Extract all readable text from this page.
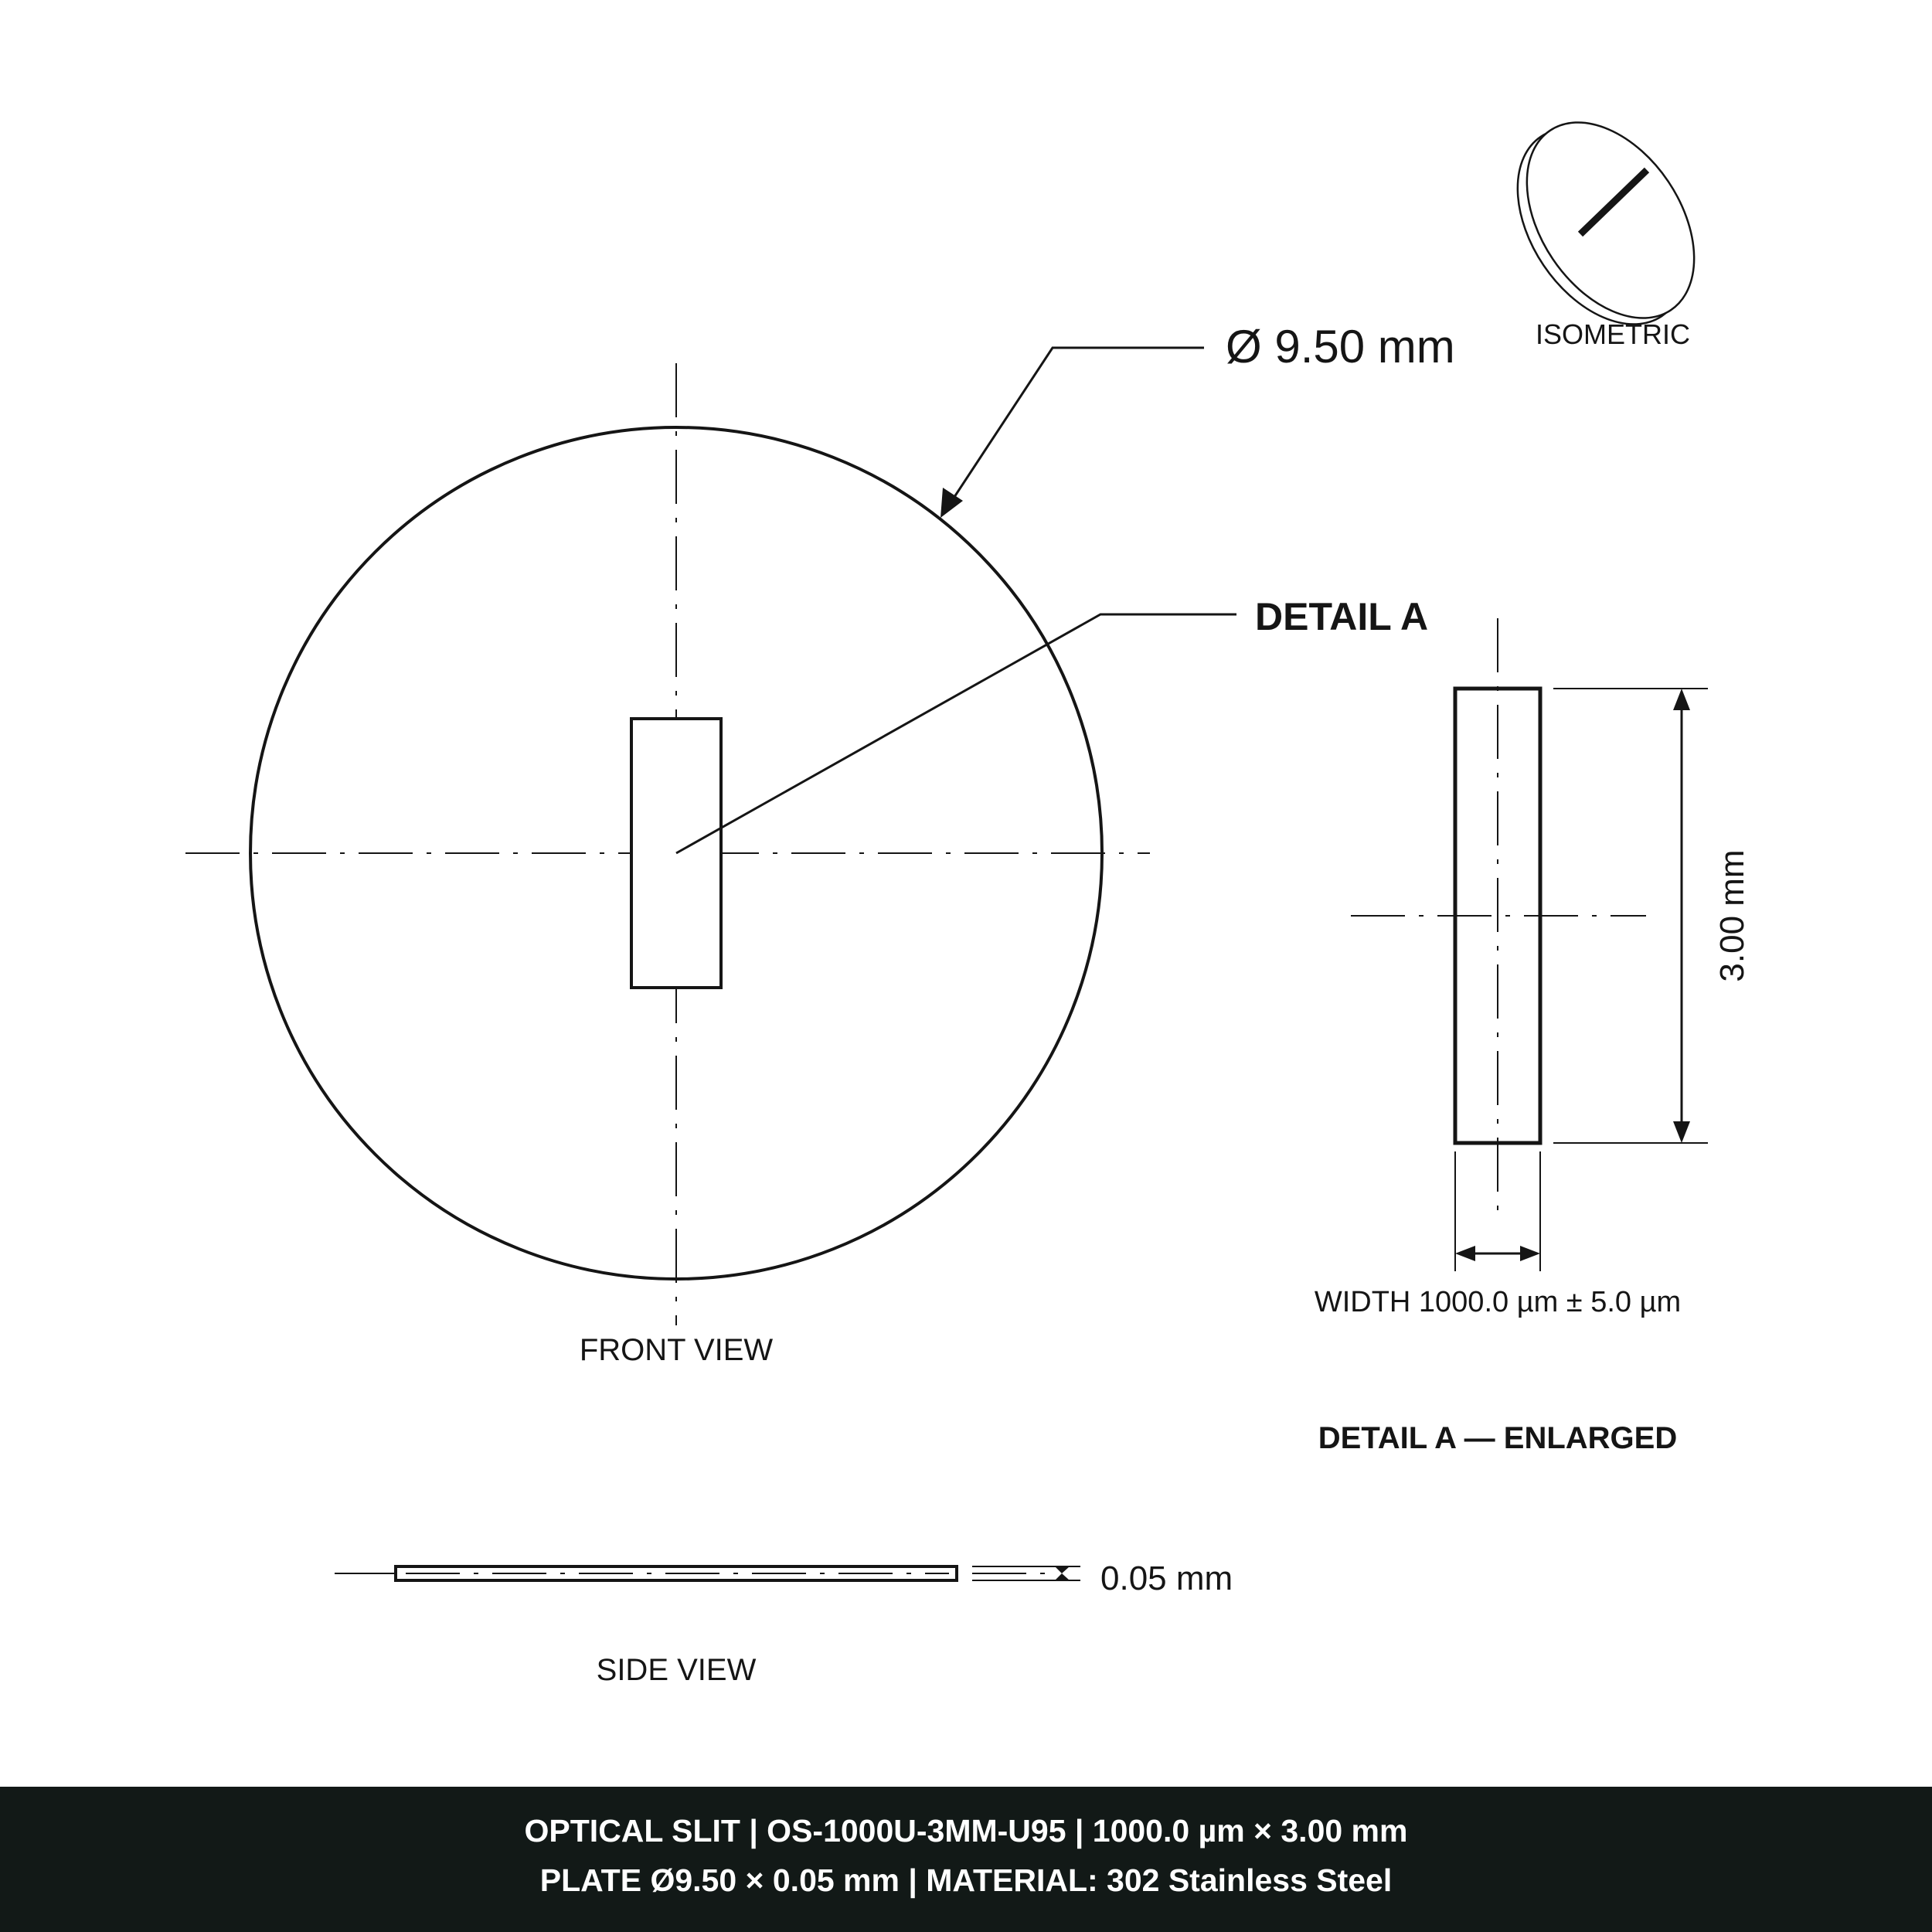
FRONT VIEW
Ø 9.50 mm
DETAIL A
3.00 mm
WIDTH 1000.0 µm ± 5.0 µm
DETAIL A — ENLARGED
0.05 mm
SIDE VIEW
ISOMETRIC
OPTICAL SLIT | OS-1000U-3MM-U95 | 1000.0 µm × 3.00 mm
PLATE Ø9.50 × 0.05 mm | MATERIAL: 302 Stainless Steel
